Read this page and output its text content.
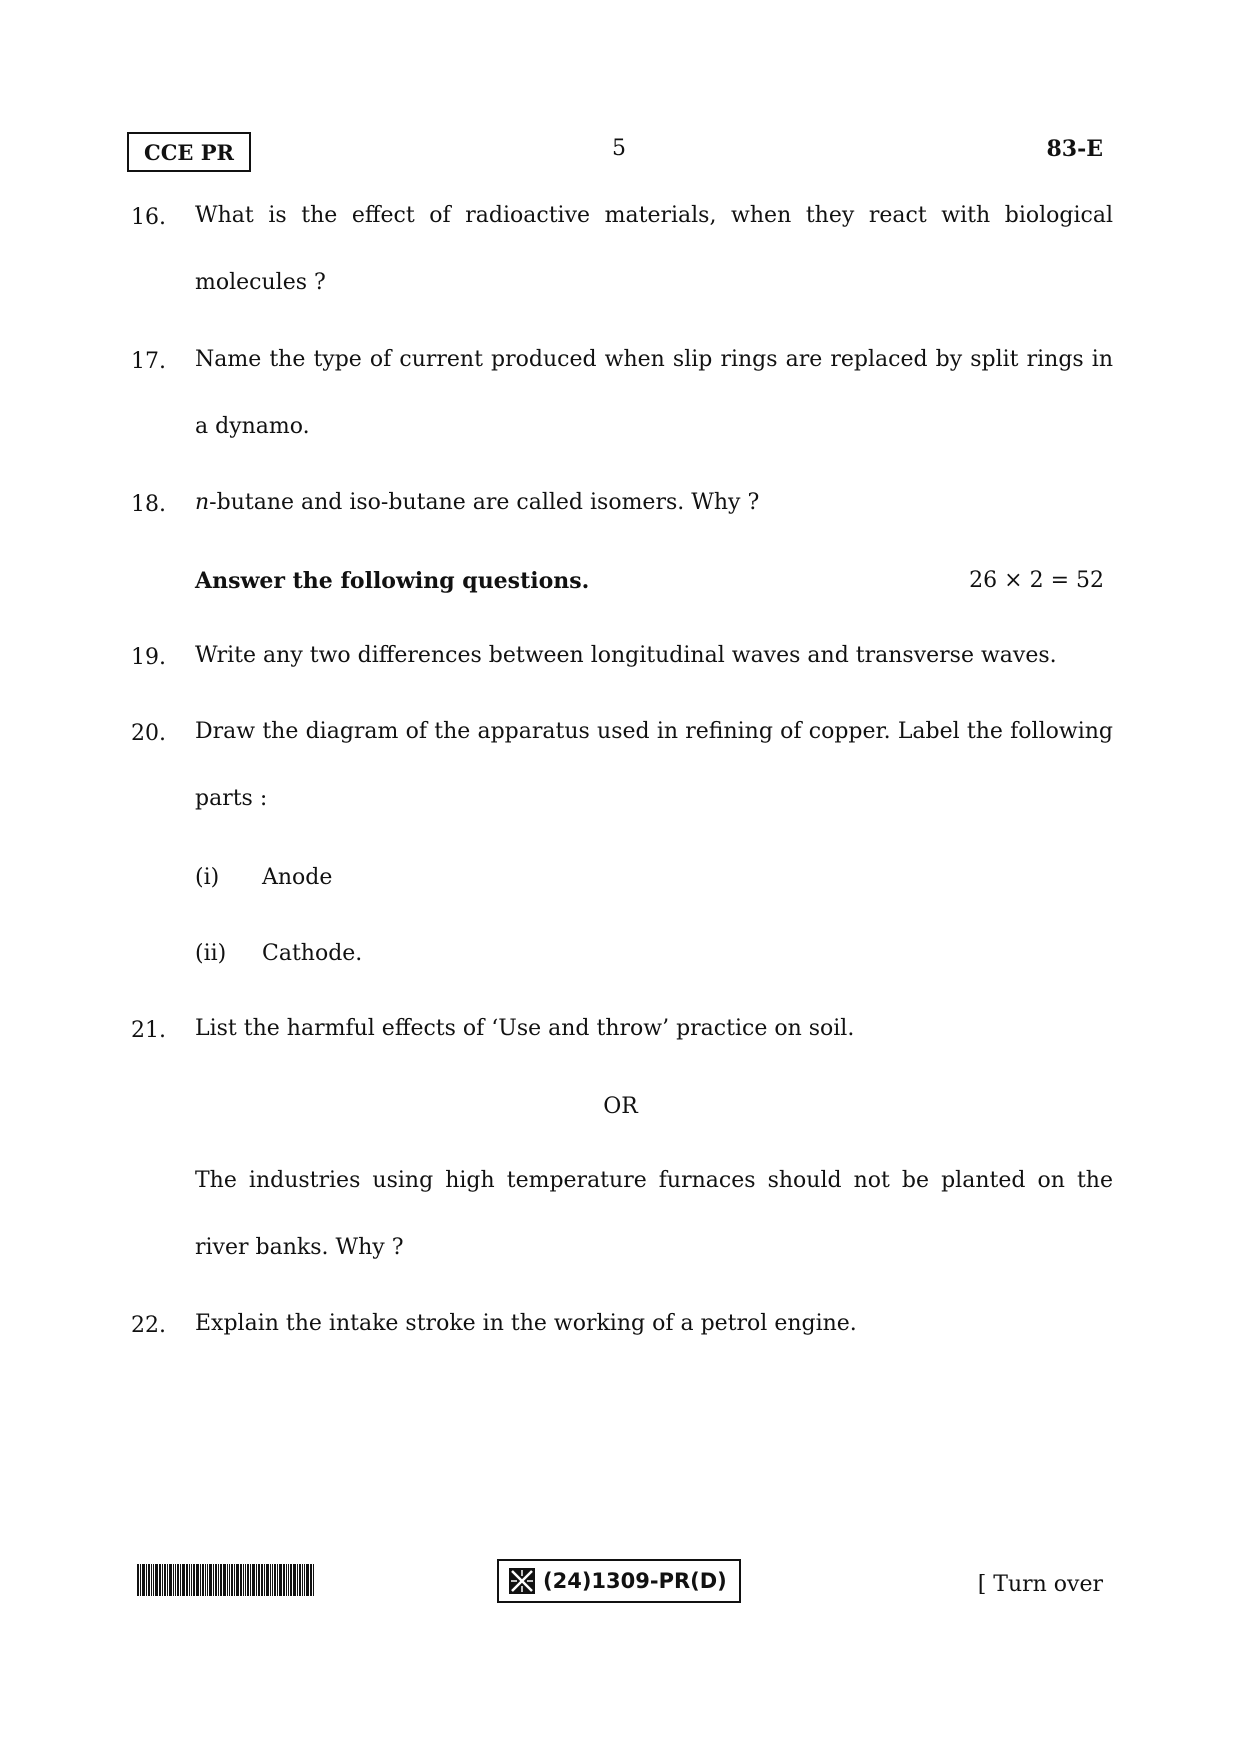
CCE PR	5	83-E
16. What is the effect of radioactive materials, when they react with biological
molecules ?
17. Name the type of current produced when slip rings are replaced by split rings in
a dynamo.
18. n-butane and iso-butane are called isomers. Why ?
Answer the following questions.	26 × 2 = 52
19. Write any two differences between longitudinal waves and transverse waves.
20. Draw the diagram of the apparatus used in refining of copper. Label the following
parts :
(i) Anode
(ii) Cathode.
21. List the harmful effects of ‘Use and throw’ practice on soil.
OR
The industries using high temperature furnaces should not be planted on the
river banks. Why ?
22. Explain the intake stroke in the working of a petrol engine.
(24)1309-PR(D)	[ Turn over
